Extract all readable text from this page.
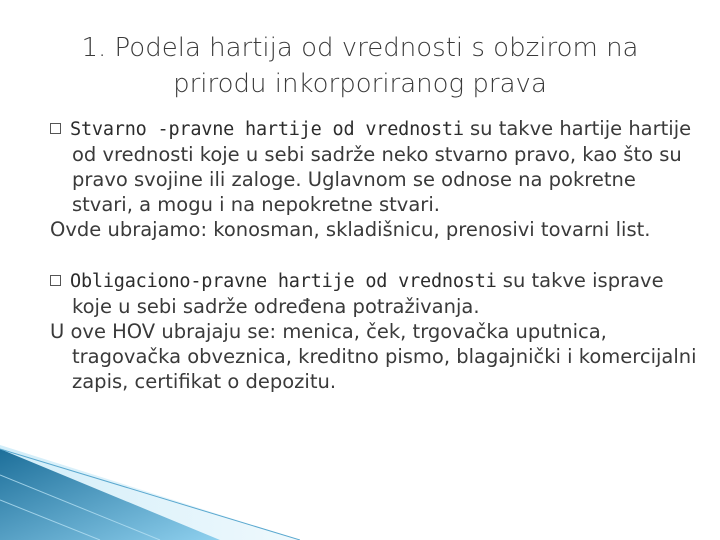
1. Podela hartija od vrednosti s obzirom na
prirodu inkorporiranog prava

Stvarno -pravne hartije od vrednosti su takve hartije hartije od vrednosti koje u sebi sadrže neko stvarno pravo, kao što su pravo svojine ili zaloge. Uglavnom se odnose na pokretne stvari, a mogu i na nepokretne stvari.

Ovde ubrajamo: konosman, skladišnicu, prenosivi tovarni list.

Obligaciono-pravne hartije od vrednosti su takve isprave koje u sebi sadrže određena potraživanja.

U ove HOV ubrajaju se: menica, ček, trgovačka uputnica, tragovačka obveznica, kreditno pismo, blagajnički i komercijalni zapis, certifikat o depozitu.
